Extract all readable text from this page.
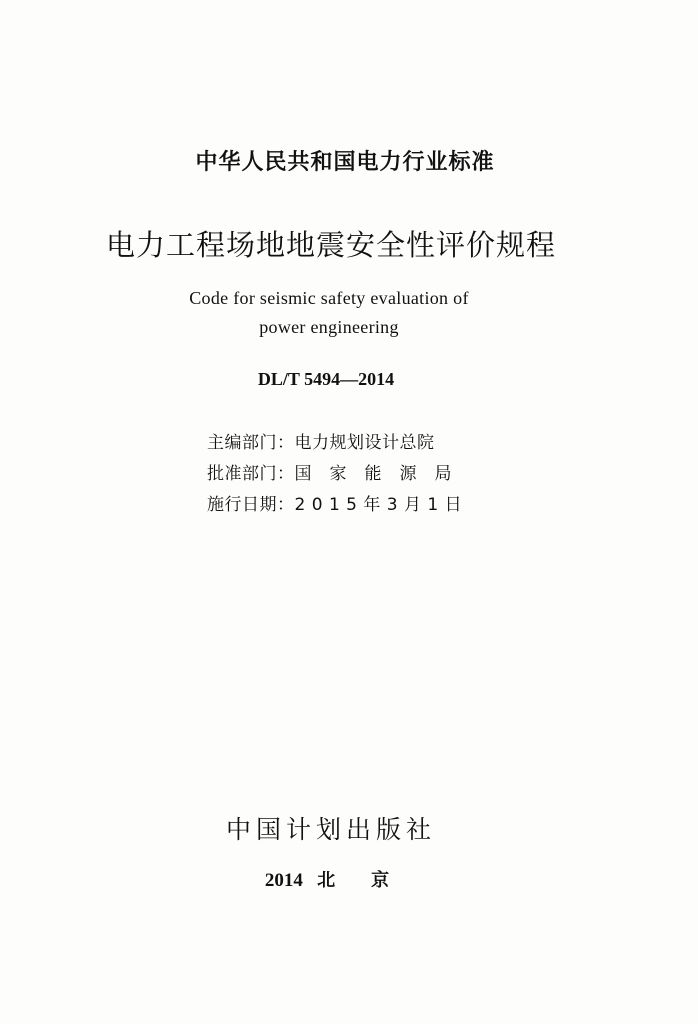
中华人民共和国电力行业标准
电力工程场地地震安全性评价规程
Code for seismic safety evaluation of
power engineering
DL/T 5494—2014
主编部门：电力规划设计总院
批准部门：国　家　能　源　局
施行日期：2 0 1 5 年 3 月 1 日
中国计划出版社
2014 北　　京
